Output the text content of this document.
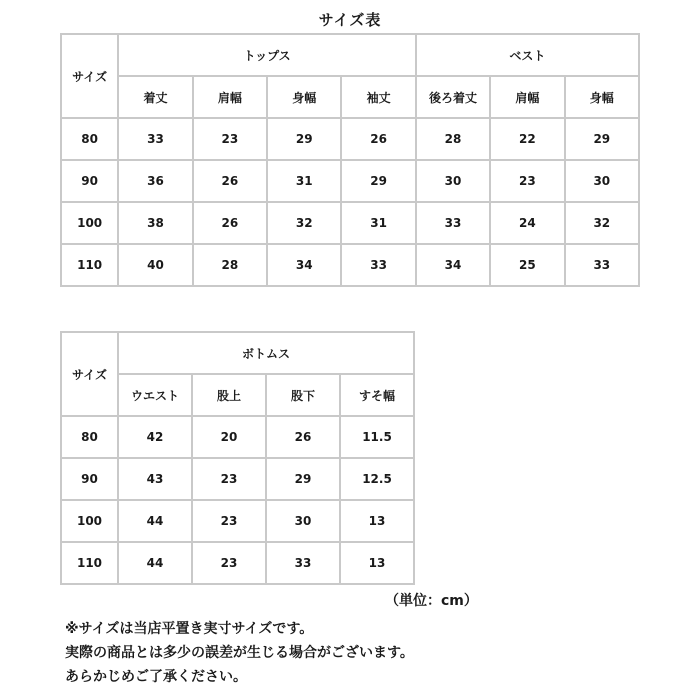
サイズ表
サイズ	トップス				ベスト		
	着丈	肩幅	身幅	袖丈	後ろ着丈	肩幅	身幅
80	33	23	29	26	28	22	29
90	36	26	31	29	30	23	30
100	38	26	32	31	33	24	32
110	40	28	34	33	34	25	33
サイズ	ボトムス			
	ウエスト	股上	股下	すそ幅
80	42	20	26	11.5
90	43	23	29	12.5
100	44	23	30	13
110	44	23	33	13
（単位：cm）
※サイズは当店平置き実寸サイズです。
実際の商品とは多少の誤差が生じる場合がございます。
あらかじめご了承ください。
